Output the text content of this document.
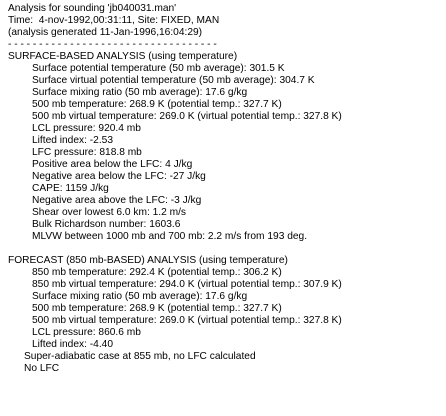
Analysis for sounding 'jb040031.man'
Time:  4-nov-1992,00:31:11, Site: FIXED, MAN
(analysis generated 11-Jan-1996,16:04:29)
- - - - - - - - - - - - - - - - - - - - - - - - - - - - - - - - - -
SURFACE-BASED ANALYSIS (using temperature)
Surface potential temperature (50 mb average): 301.5 K
Surface virtual potential temperature (50 mb average): 304.7 K
Surface mixing ratio (50 mb average): 17.6 g/kg
500 mb temperature: 268.9 K (potential temp.: 327.7 K)
500 mb virtual temperature: 269.0 K (virtual potential temp.: 327.8 K)
LCL pressure: 920.4 mb
Lifted index: -2.53
LFC pressure: 818.8 mb
Positive area below the LFC: 4 J/kg
Negative area below the LFC: -27 J/kg
CAPE: 1159 J/kg
Negative area above the LFC: -3 J/kg
Shear over lowest 6.0 km: 1.2 m/s
Bulk Richardson number: 1603.6
MLVW between 1000 mb and 700 mb: 2.2 m/s from 193 deg.
FORECAST (850 mb-BASED) ANALYSIS (using temperature)
850 mb temperature: 292.4 K (potential temp.: 306.2 K)
850 mb virtual temperature: 294.0 K (virtual potential temp.: 307.9 K)
Surface mixing ratio (50 mb average): 17.6 g/kg
500 mb temperature: 268.9 K (potential temp.: 327.7 K)
500 mb virtual temperature: 269.0 K (virtual potential temp.: 327.8 K)
LCL pressure: 860.6 mb
Lifted index: -4.40
Super-adiabatic case at 855 mb, no LFC calculated
No LFC
